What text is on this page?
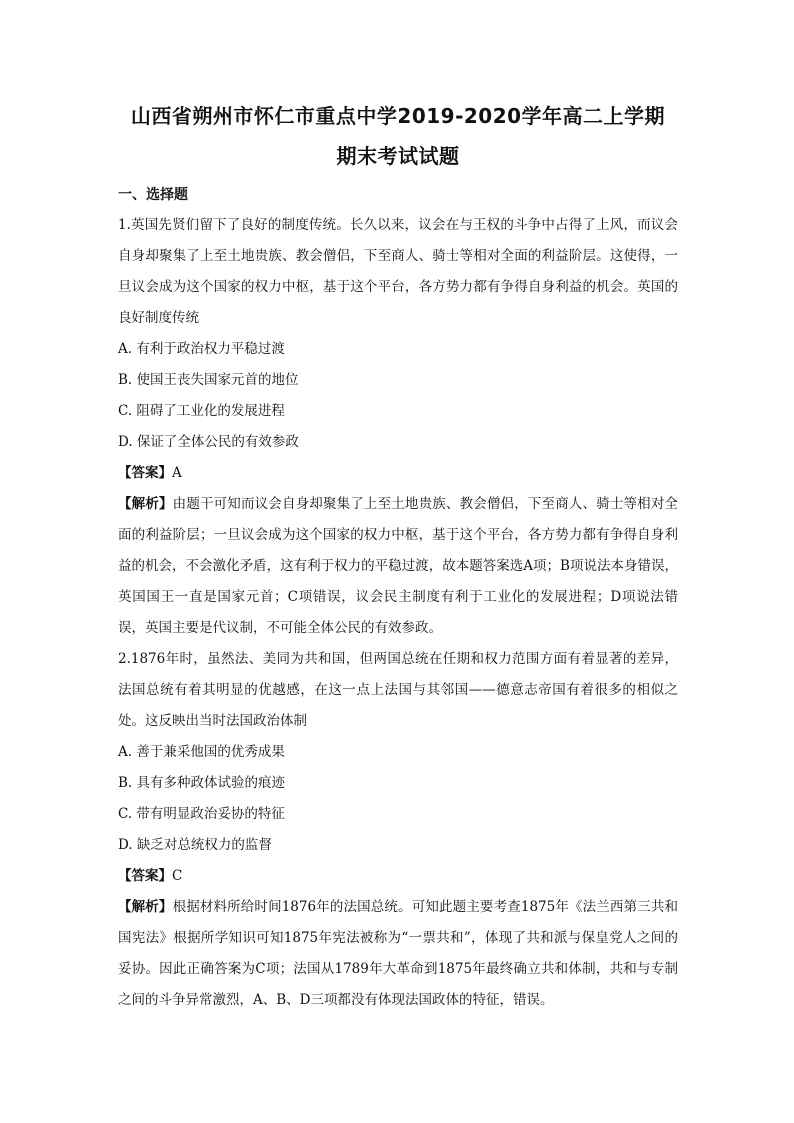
山西省朔州市怀仁市重点中学2019-2020学年高二上学期
期末考试试题
一、选择题

1.英国先贤们留下了良好的制度传统。长久以来，议会在与王权的斗争中占得了上风，而议会自身却聚集了上至土地贵族、教会僧侣，下至商人、骑士等相对全面的利益阶层。这使得，一旦议会成为这个国家的权力中枢，基于这个平台，各方势力都有争得自身利益的机会。英国的良好制度传统

A. 有利于政治权力平稳过渡

B. 使国王丧失国家元首的地位

C. 阻碍了工业化的发展进程

D. 保证了全体公民的有效参政

【答案】A

【解析】由题干可知而议会自身却聚集了上至土地贵族、教会僧侣，下至商人、骑士等相对全面的利益阶层；一旦议会成为这个国家的权力中枢，基于这个平台，各方势力都有争得自身利益的机会，不会激化矛盾，这有利于权力的平稳过渡，故本题答案选A项；B项说法本身错误，英国国王一直是国家元首；C项错误，议会民主制度有利于工业化的发展进程；D项说法错误，英国主要是代议制，不可能全体公民的有效参政。

2.1876年时，虽然法、美同为共和国，但两国总统在任期和权力范围方面有着显著的差异，法国总统有着其明显的优越感，在这一点上法国与其邻国——德意志帝国有着很多的相似之处。这反映出当时法国政治体制

A. 善于兼采他国的优秀成果

B. 具有多种政体试验的痕迹

C. 带有明显政治妥协的特征

D. 缺乏对总统权力的监督

【答案】C

【解析】根据材料所给时间1876年的法国总统。可知此题主要考查1875年《法兰西第三共和国宪法》根据所学知识可知1875年宪法被称为“一票共和”，体现了共和派与保皇党人之间的妥协。因此正确答案为C项；法国从1789年大革命到1875年最终确立共和体制，共和与专制之间的斗争异常激烈，A、B、D三项都没有体现法国政体的特征，错误。
